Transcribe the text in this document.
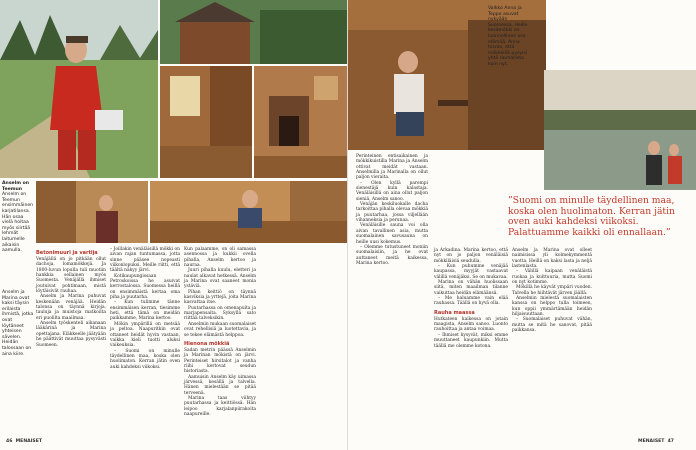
Anselm on Teemun Anselm on Teemun ensimmäinen karjatilansa. Hän osaa vielä hoitaa myös siirtää lehmät laitumelle aikaisin aamulla.
Anselm ja Marina ovat kaksi täysin erilaista ihmistä, jotka ovat löytäneet yhteisen sävelen. Heidän talossaan on aina kiire.
Betonimuuri ja vartija

Venäjällä on jo pitkään ollut dachoja, lomamökkejä. Ja 1800-luvun lopulla tuli muotiin hankkia sellainen myös Suomesta. Venäjällä ihmiset joutuivat pohtimaan, mistä löytäisivät rauhaa.

Anselm ja Marina puhuvat keskenään venäjää. Heidän talonsa on täynnä kirjoja, tauluja ja muistoja matkoilta eri puolilta maailmaa.

Anselm työskenteli aikanaan lääkärinä ja Marina opettajana. Eläkkeelle jäätyään he päättivät muuttaa pysyvästi Suomeen.

– Joillakin venäläisillä mökki on aivan rajan tuntumassa, jotta sinne pääsee nopeasti viikonlopuksi. Meille riitti, että täältä näkyy järvi.

Kotikaupungissaan Petroskoissa he asuivat kerrostalossa. Suomessa heillä on ensimmäistä kertaa oma piha ja puutarha.

– Kun tulimme tänne ensimmäisen kerran, tiesimme heti, että tämä on meidän paikkamme, Marina kertoo.

Mökin ympärillä on metsää ja peltoa. Naapuritkin ovat ottaneet heidät hyvin vastaan, vaikka kieli tuotti aluksi vaikeuksia.

– Suomi on minulle täydellinen maa, koska olen huolimaton. Kerran jätin oven auki kahdeksi viikoksi.

Kun palaamme, on oli samassa asennossa ja kukkii ovella pihalla, Anselm kertoo ja nauraa.

Juuri pihalla kuulu, eletteri ja naulat alkavat hetkessä. Anselm ja Marina ovat saaneet monia ystäviä.

Pihan keittiö on täynnä kasviksia ja yrttejä, joita Marina kasvattaa itse.

Puutarhassa on omenapuita ja marjapensaita. Syksyllä sato riittää talveksikin.

Anselmin mukaan suomalaiset ovat rehellisiä ja luotettavia, ja se tekee elämästä helppoa.

Hienona mökkiä

Sadan metrin päässä Anselmin ja Marinan mökistä on järvi. Perinteiset hirsitalot ja vanha riihi kertovat seudun historiasta.

Aamuisin Anselm käy uimassa järvessä, kesällä ja talvella. Hänen mielestään se pitää terveenä.

Marina taas viihtyy puutarhassa ja keittiössä. Hän leipoo karjalanpiirakoita naapureille.

46 MENAISET
Valkko Anna ja Teppo asuvat nykyään Suomessa. Heille kesämökki on luonnollinen osa elämää. Anna toivoo, että mökkeillä pysyisi yhtä rauhallista kuin nyt.

Perinteinen entisaikainen ja mökkikuistilla Marina ja Anselm ottivat meidät vastaan. Anselmilla ja Marinalla on ollut paljon vieraita.

– Olen kyllä parempi sienestäjä kuin kalastaja. Venäläisillä on aina ollut paljon sieniä, Anselm sanoo.

Venäjän keskiluokalle dacha tarkoittaa pihalla olevaa mökkiä ja puutarhaa, jossa viljellään vihanneksia ja perunaa.

Venäläisille sauna voi olla aivan tavallinen asia, mutta suomalainen savusauna on heille uusi kokemus.

– Olemme tutustuneet moniin suomalaisiin, ja he ovat auttaneet meitä kaikessa, Marina kertoo.

ja Arkadina. Marina kertoo, että nyt on jo paljon venäläisiä mökkiläisiä seudulla.

– Kun puhumme venäjää kaupassa, myyjät vastaavat välillä venäjäksi. Se on mukavaa.

Marina on vähän huolissaan siitä, miten maailman tilanne vaikuttaa heidän elämäänsä.

– Me haluamme vain elää rauhassa. Täällä on hyvä olla.

Rauha maassa

Hutkateen kaikessa on jotain maagista, Anselm sanoo. Luonto rauhoittaa ja antaa voimaa.

– Ihmiset kysyvät, miksi emme muuttaneet kaupunkiin. Mutta täällä me olemme kotona.

Anselm ja Marina ovat olleet naimisissa yli kolmekymmentä vuotta. Heillä on kaksi lasta ja neljä lastenlasta.

– Välillä kaipaan venäläistä ruokaa ja kulttuuria, mutta Suomi on nyt kotimme.

Mökillä he käyvät ympäri vuoden. Talvella he hiihtävät järven jäällä.

Anselmin mielestä suomalaisten kanssa on helppo tulla toimeen, kun oppii ymmärtämään heidän hiljaisuuttaan.

– Suomalaiset puhuvat vähän, mutta se mitä he sanovat, pitää paikkansa.

MENAISET 47
”Suomi on minulle täydellinen maa, koska olen huolimaton. Kerran jätin oven auki kahdeksi viikoksi. Palattuamme kaikki oli ennallaan.”
